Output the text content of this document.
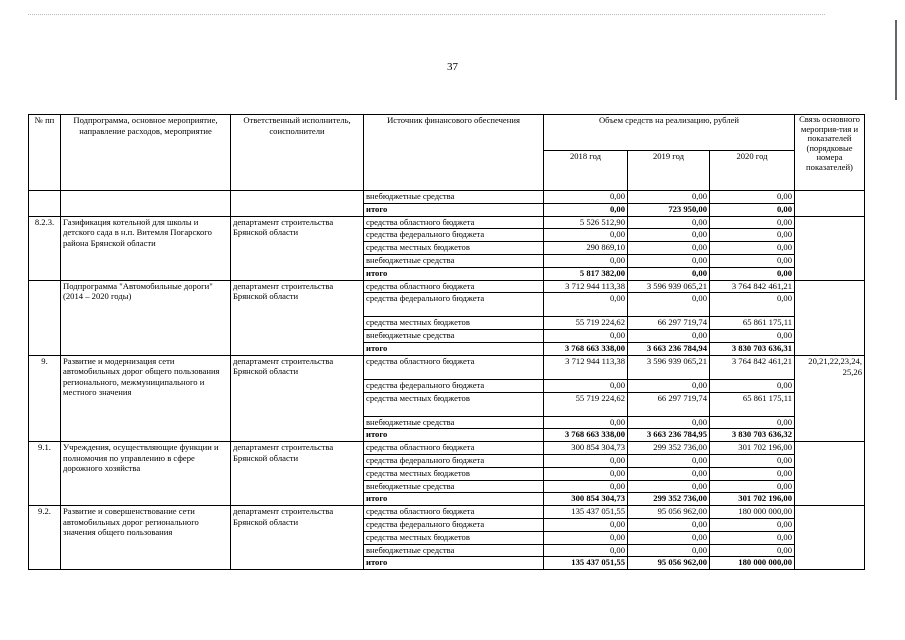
37
№ пп	Подпрограмма, основное мероприятие, направление расходов, мероприятие	Ответственный исполнитель, соисполнители	Источник финансового обеспечения	Объем средств на реализацию, рублей			Связь основного мероприя-тия и показателей (порядковые номера показателей)
				2018 год	2019 год	2020 год	
			внебюджетные средства	0,00	0,00	0,00	
			итого	0,00	723 950,00	0,00	
8.2.3.	Газификация котельной для школы и детского сада в н.п. Витемля Погарского района Брянской области	департамент строительства Брянской области	средства областного бюджета	5 526 512,90	0,00	0,00	
			средства федерального бюджета	0,00	0,00	0,00	
			средства местных бюджетов	290 869,10	0,00	0,00	
			внебюджетные средства	0,00	0,00	0,00	
			итого	5 817 382,00	0,00	0,00	
	Подпрограмма "Автомобильные дороги" (2014 – 2020 годы)	департамент строительства Брянской области	средства областного бюджета	3 712 944 113,38	3 596 939 065,21	3 764 842 461,21	
			средства федерального бюджета	0,00	0,00	0,00	
			средства местных бюджетов	55 719 224,62	66 297 719,74	65 861 175,11	
			внебюджетные средства	0,00	0,00	0,00	
			итого	3 768 663 338,00	3 663 236 784,94	3 830 703 636,31	
9.	Развитие и модернизация сети автомобильных дорог общего пользования регионального, межмуниципального и местного значения	департамент строительства Брянской области	средства областного бюджета	3 712 944 113,38	3 596 939 065,21	3 764 842 461,21	20,21,22,23,24, 25,26
			средства федерального бюджета	0,00	0,00	0,00	
			средства местных бюджетов	55 719 224,62	66 297 719,74	65 861 175,11	
			внебюджетные средства	0,00	0,00	0,00	
			итого	3 768 663 338,00	3 663 236 784,95	3 830 703 636,32	
9.1.	Учреждения, осуществляющие функции и полномочия по управлению в сфере дорожного хозяйства	департамент строительства Брянской области	средства областного бюджета	300 854 304,73	299 352 736,00	301 702 196,00	
			средства федерального бюджета	0,00	0,00	0,00	
			средства местных бюджетов	0,00	0,00	0,00	
			внебюджетные средства	0,00	0,00	0,00	
			итого	300 854 304,73	299 352 736,00	301 702 196,00	
9.2.	Развитие и совершенствование сети автомобильных дорог регионального значения общего пользования	департамент строительства Брянской области	средства областного бюджета	135 437 051,55	95 056 962,00	180 000 000,00	
			средства федерального бюджета	0,00	0,00	0,00	
			средства местных бюджетов	0,00	0,00	0,00	
			внебюджетные средства	0,00	0,00	0,00	
			итого	135 437 051,55	95 056 962,00	180 000 000,00	
